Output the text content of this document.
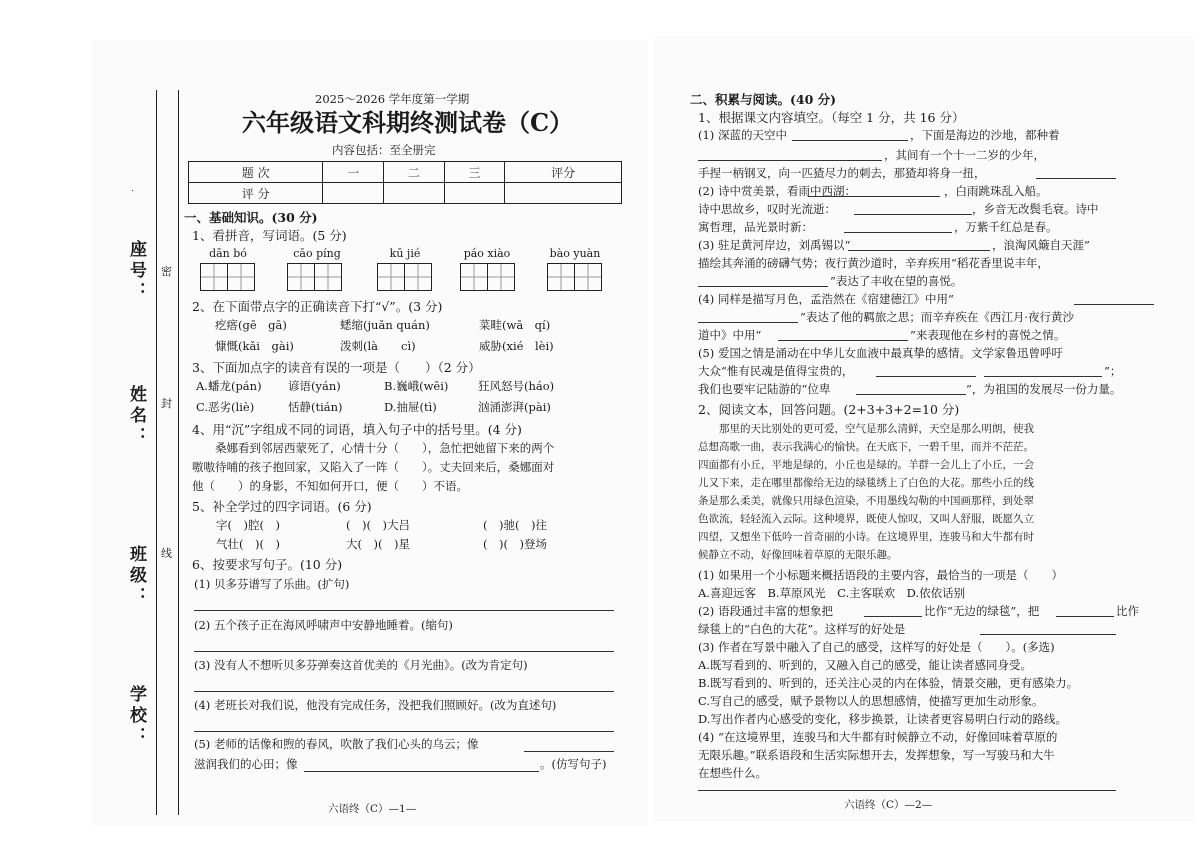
座号：
姓名：
班级：
学校：
密
封
线
2025～2026 学年度第一学期
六年级语文科期终测试卷（C）
内容包括：至全册完
题 次	一	二	三	评分
评 分				
一、基础知识。(30 分)
1、看拼音，写词语。(5 分)
dān bó	cāo píng	kū jié	páo xiào	bào yuàn
2、在下面带点字的正确读音下打“√”。(3 分)
疙瘩(gē　gā)	蟋缩(juǎn quán)	菜畦(wā　qí)
慷慨(kǎi　gài)	泼刺(là　　cì)	威胁(xié　lèi)
3、下面加点字的读音有误的一项是（　　）（2 分）
A.蟠龙(pán) 谚语(yán)	B.巍峨(wēi)	狂风怒号(háo)
C.恶劣(liè)	恬静(tián)	D.抽屉(tì)	汹涌澎湃(pài)
4、用“沉”字组成不同的词语，填入句子中的括号里。(4 分)
　　桑娜看到邻居西蒙死了，心情十分（　　），急忙把她留下来的两个
嗷嗷待哺的孩子抱回家，又陷入了一阵（　　）。丈夫回来后，桑娜面对
他（　　）的身影，不知如何开口，便（　　）不语。
5、补全学过的四字词语。(6 分)
字(　)腔(　)	(　)(　)大吕	(　)驰(　)往
气壮(　)(　)	大(　)(　)星	(　)(　)登场
6、按要求写句子。(10 分)
(1) 贝多芬谱写了乐曲。(扩句)
(2) 五个孩子正在海风呼啸声中安静地睡着。(缩句)
(3) 没有人不想听贝多芬弹奏这首优美的《月光曲》。(改为肯定句)
(4) 老班长对我们说，他没有完成任务，没把我们照顾好。(改为直述句)
(5) 老师的话像和煦的春风，吹散了我们心头的乌云；像
滋润我们的心田；像	。(仿写句子)
六语终（C）—1—
二、积累与阅读。(40 分)
1、根据课文内容填空。（每空 1 分，共 16 分）
(1) 深蓝的天空中	，下面是海边的沙地，都种着
，其间有一个十一二岁的少年，
手捏一柄钢叉，向一匹猹尽力的刺去，那猹却将身一扭，
(2) 诗中赏美景，看雨中西湖：	，白雨跳珠乱入船。
诗中思故乡，叹时光流逝：	，乡音无改鬓毛衰。诗中
寓哲理，品光景时新：	，万紫千红总是春。
(3) 驻足黄河岸边，刘禹锡以“	，浪淘风簸自天涯”
描绘其奔涌的磅礴气势；夜行黄沙道时，辛弃疾用“稻花香里说丰年，
”表达了丰收在望的喜悦。
(4) 同样是描写月色，孟浩然在《宿建德江》中用“
”表达了他的羁旅之思；而辛弃疾在《西江月·夜行黄沙
道中》中用“	”来表现他在乡村的喜悦之情。
(5) 爱国之情是涌动在中华儿女血液中最真挚的感情。文学家鲁迅曾呼吁
大众“惟有民魂是值得宝贵的，	”；
我们也要牢记陆游的“位卑	”，为祖国的发展尽一份力量。
2、阅读文本，回答问题。(2+3+3+2=10 分)
　　那里的天比别处的更可爱，空气是那么清鲜，天空是那么明朗，使我
总想高歌一曲，表示我满心的愉快。在天底下，一碧千里，而并不茫茫。
四面都有小丘，平地是绿的，小丘也是绿的。羊群一会儿上了小丘，一会
儿又下来，走在哪里都像给无边的绿毯绣上了白色的大花。那些小丘的线
条是那么柔美，就像只用绿色渲染，不用墨线勾勒的中国画那样，到处翠
色欲流，轻轻流入云际。这种境界，既使人惊叹，又叫人舒服，既愿久立
四望，又想坐下低吟一首奇丽的小诗。在这境界里，连骏马和大牛都有时
候静立不动，好像回味着草原的无限乐趣。
(1) 如果用一个小标题来概括语段的主要内容，最恰当的一项是（　　）
A.喜迎远客　B.草原风光　C.主客联欢　D.依依话别
(2) 语段通过丰富的想象把	比作“无边的绿毯”，把	比作
绿毯上的“白色的大花”。这样写的好处是
(3) 作者在写景中融入了自己的感受，这样写的好处是（　　）。(多选)
A.既写看到的、听到的，又融入自己的感受，能让读者感同身受。
B.既写看到的、听到的，还关注心灵的内在体验，情景交融，更有感染力。
C.写自己的感受，赋予景物以人的思想感情，使描写更加生动形象。
D.写出作者内心感受的变化，移步换景，让读者更容易明白行动的路线。
(4) “在这境界里，连骏马和大牛都有时候静立不动，好像回味着草原的
无限乐趣。”联系语段和生活实际想开去，发挥想象，写一写骏马和大牛
在想些什么。
六语终（C）—2—
